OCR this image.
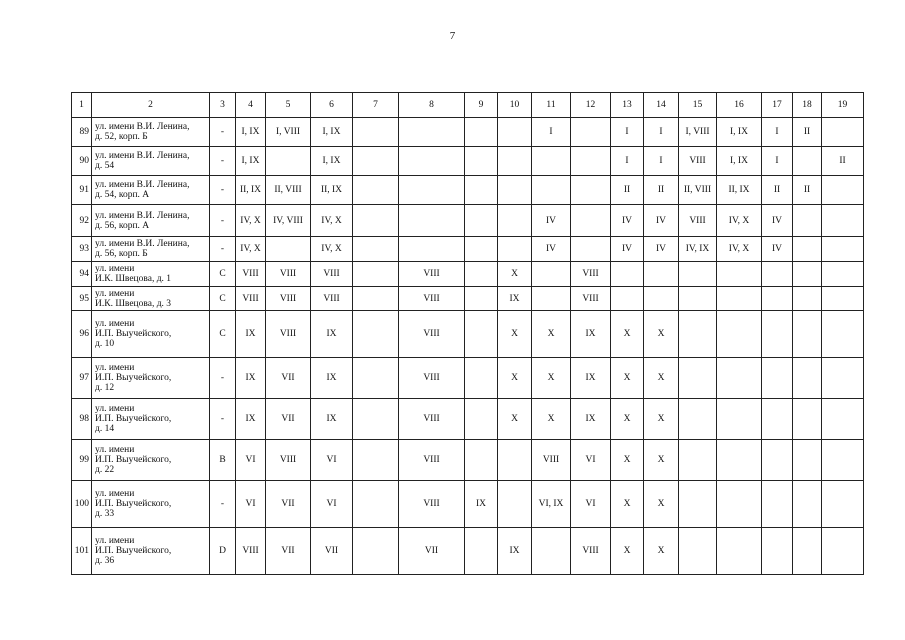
7
1	2	3	4	5	6	7	8	9	10	11	12	13	14	15	16	17	18	19
89	ул. имени В.И. Ленина,
д. 52, корп. Б	-	I, IX	I, VIII	I, IX					I		I	I	I, VIII	I, IX	I	II	
90	ул. имени В.И. Ленина,
д. 54	-	I, IX		I, IX							I	I	VIII	I, IX	I		II
91	ул. имени В.И. Ленина,
д. 54, корп. А	-	II, IX	II, VIII	II, IX							II	II	II, VIII	II, IX	II	II	
92	ул. имени В.И. Ленина,
д. 56, корп. А	-	IV, X	IV, VIII	IV, X					IV		IV	IV	VIII	IV, X	IV		
93	ул. имени В.И. Ленина,
д. 56, корп. Б	-	IV, X		IV, X					IV		IV	IV	IV, IX	IV, X	IV		
94	ул. имени
И.К. Швецова, д. 1	C	VIII	VIII	VIII		VIII		X		VIII							
95	ул. имени
И.К. Швецова, д. 3	C	VIII	VIII	VIII		VIII		IX		VIII							
96	ул. имени
И.П. Выучейского,
д. 10	C	IX	VIII	IX		VIII		X	X	IX	X	X					
97	ул. имени
И.П. Выучейского,
д. 12	-	IX	VII	IX		VIII		X	X	IX	X	X					
98	ул. имени
И.П. Выучейского,
д. 14	-	IX	VII	IX		VIII		X	X	IX	X	X					
99	ул. имени
И.П. Выучейского,
д. 22	B	VI	VIII	VI		VIII			VIII	VI	X	X					
100	ул. имени
И.П. Выучейского,
д. 33	-	VI	VII	VI		VIII	IX		VI, IX	VI	X	X					
101	ул. имени
И.П. Выучейского,
д. 36	D	VIII	VII	VII		VII		IX		VIII	X	X					
